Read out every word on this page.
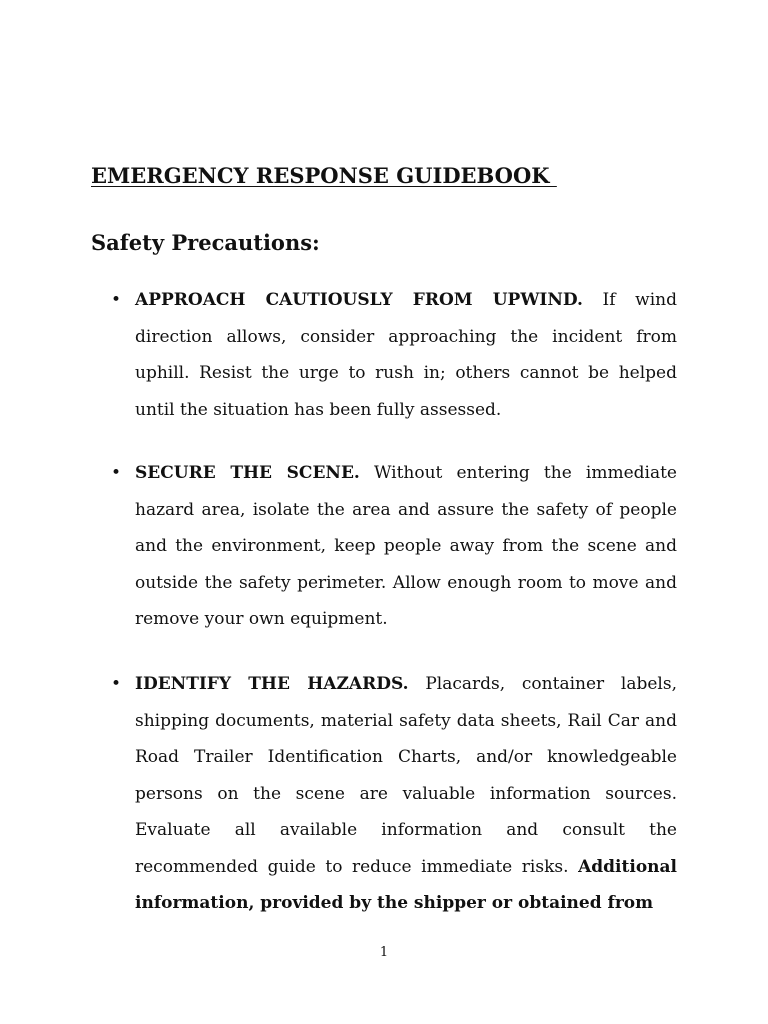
EMERGENCY RESPONSE GUIDEBOOK
Safety Precautions:
• APPROACH CAUTIOUSLY FROM UPWIND. If wind direction allows, consider approaching the incident from uphill. Resist the urge to rush in; others cannot be helped until the situation has been fully assessed.
• SECURE THE SCENE. Without entering the immediate hazard area, isolate the area and assure the safety of people and the environment, keep people away from the scene and outside the safety perimeter. Allow enough room to move and remove your own equipment.
• IDENTIFY THE HAZARDS. Placards, container labels, shipping documents, material safety data sheets, Rail Car and Road Trailer Identification Charts, and/or knowledgeable persons on the scene are valuable information sources. Evaluate all available information and consult the recommended guide to reduce immediate risks. Additional information, provided by the shipper or obtained from
1
